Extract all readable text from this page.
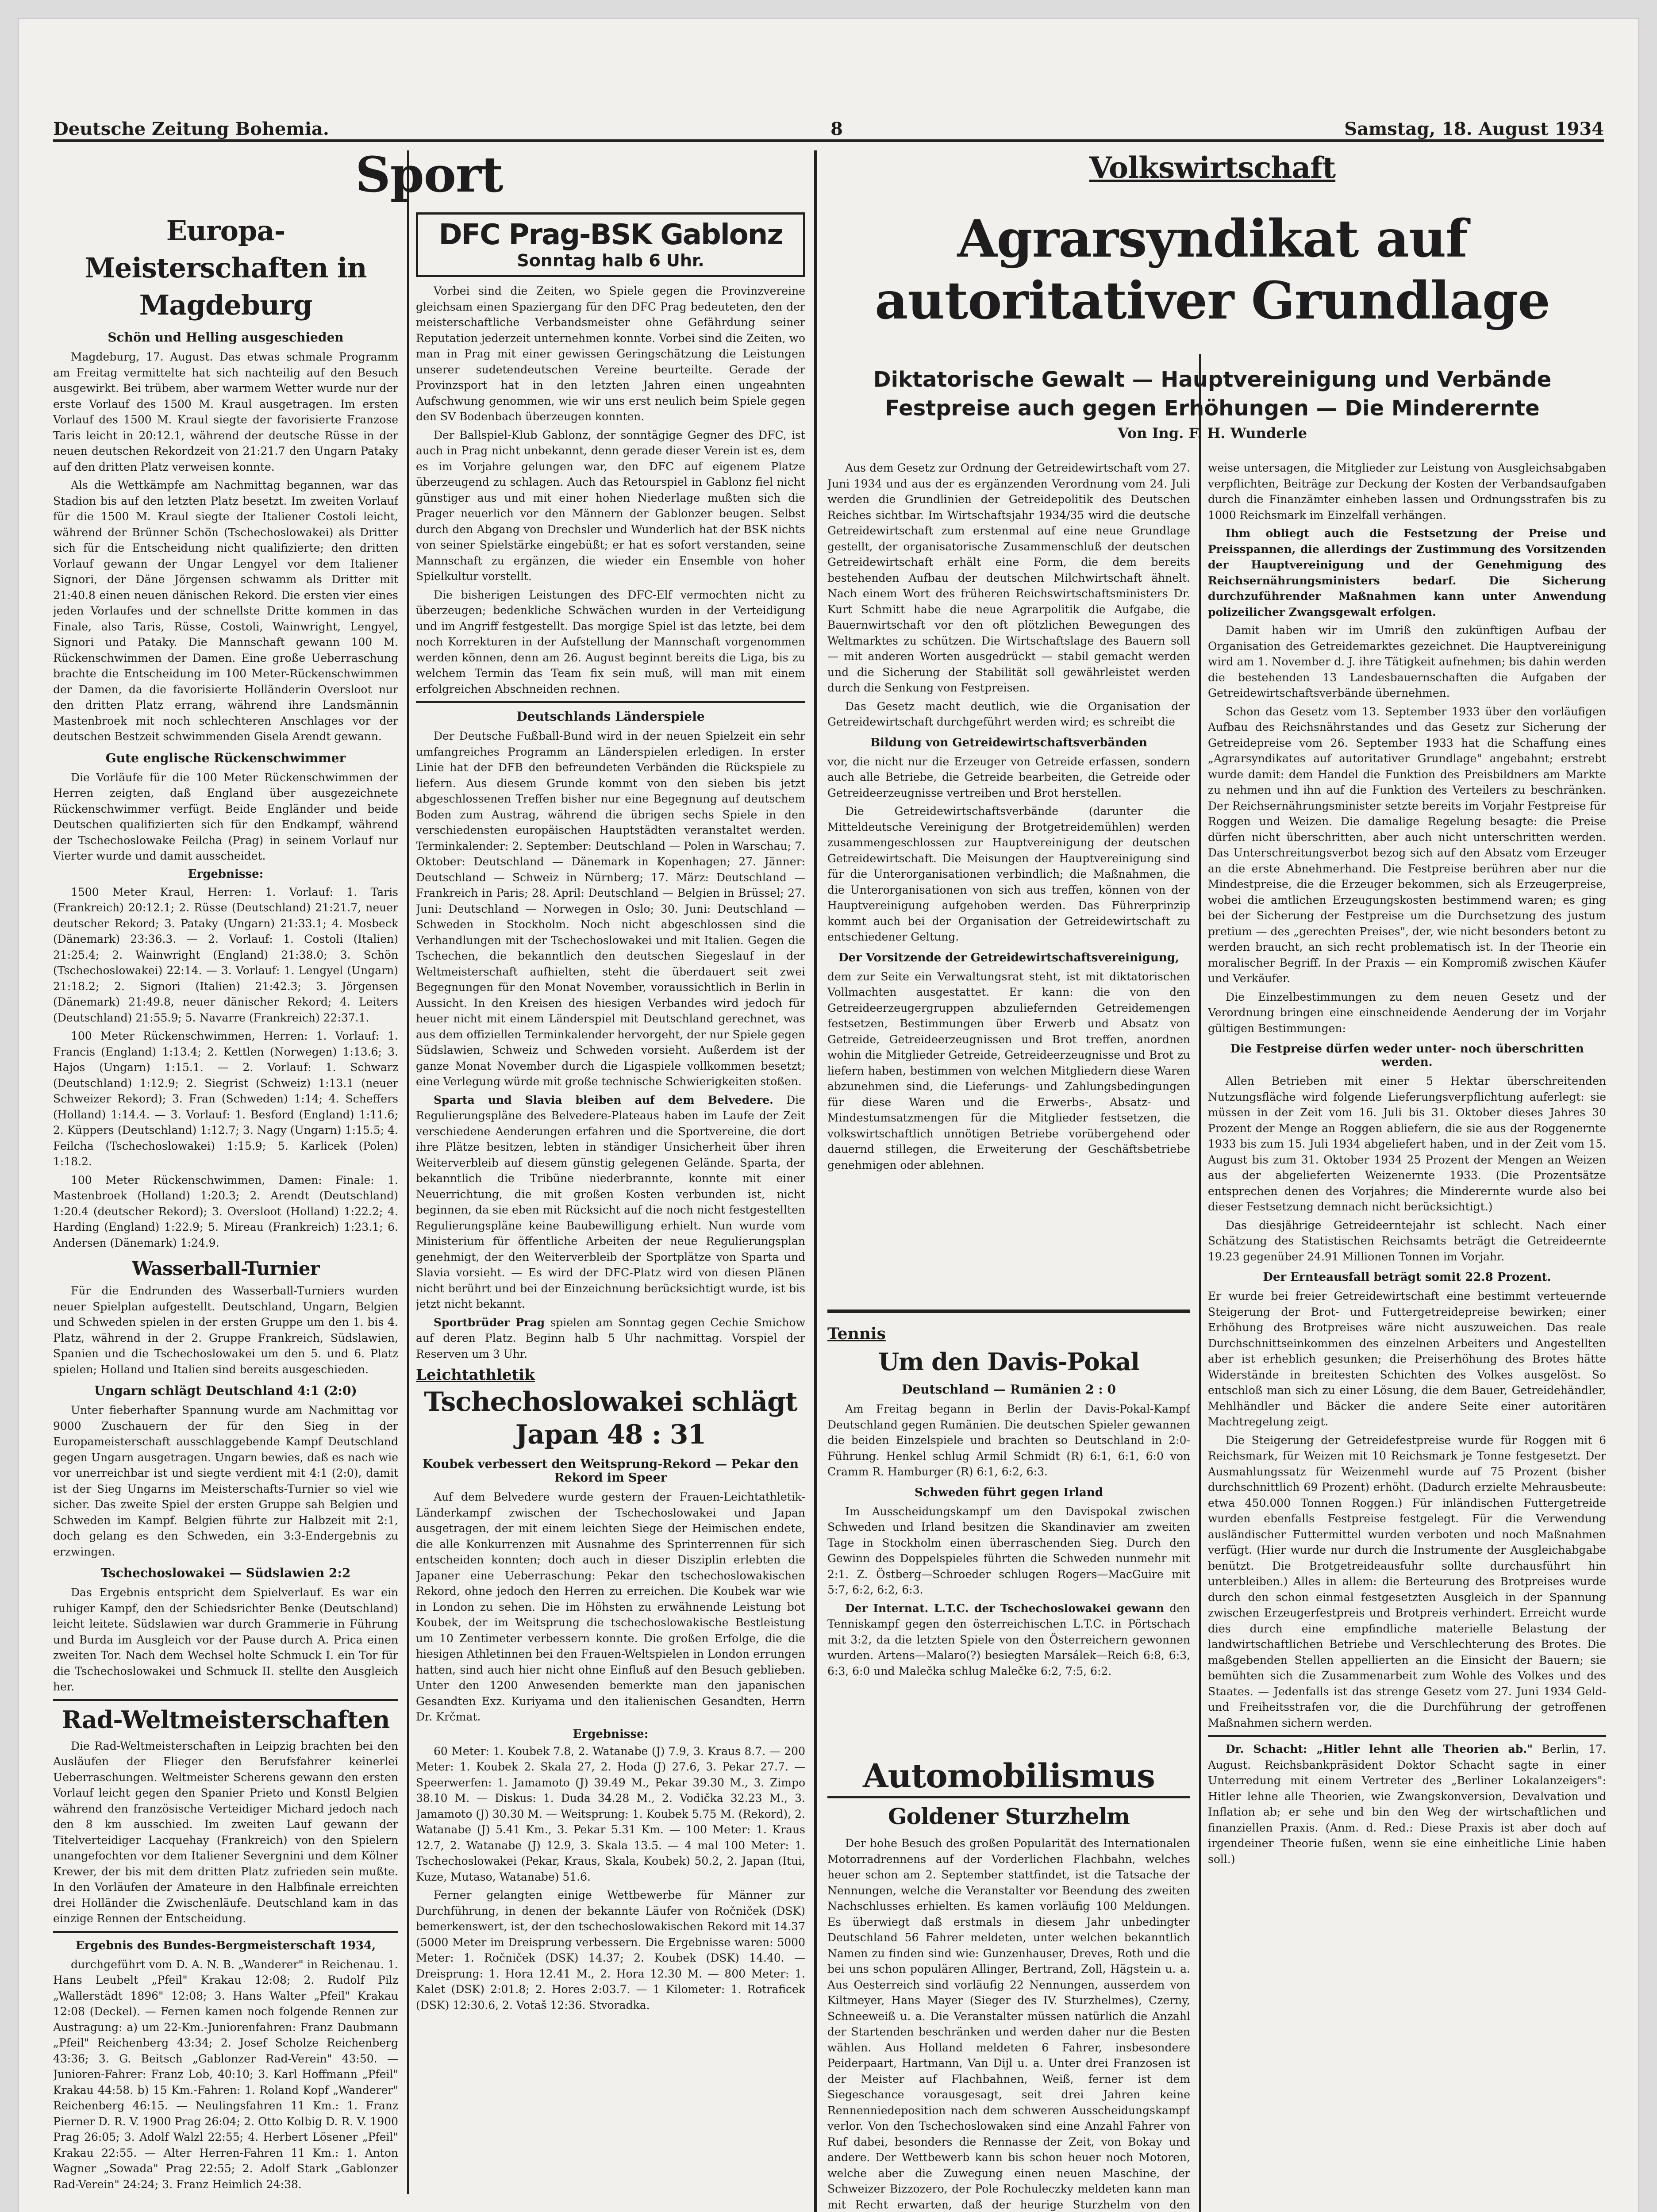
Deutsche Zeitung Bohemia.	8	Samstag, 18. August 1934
Sport
Europa-Meisterschaften in Magdeburg
Schön und Helling ausgeschieden

Magdeburg, 17. August. Das etwas schmale Programm am Freitag vermittelte hat sich nachteilig auf den Besuch ausgewirkt. Bei trübem, aber warmem Wetter wurde nur der erste Vorlauf des 1500 M. Kraul ausgetragen. Im ersten Vorlauf des 1500 M. Kraul siegte der favorisierte Franzose Taris leicht in 20:12.1, während der deutsche Rüsse in der neuen deutschen Rekordzeit von 21:21.7 den Ungarn Pataky auf den dritten Platz verweisen konnte.

Als die Wettkämpfe am Nachmittag begannen, war das Stadion bis auf den letzten Platz besetzt. Im zweiten Vorlauf für die 1500 M. Kraul siegte der Italiener Costoli leicht, während der Brünner Schön (Tschechoslowakei) als Dritter sich für die Entscheidung nicht qualifizierte; den dritten Vorlauf gewann der Ungar Lengyel vor dem Italiener Signori, der Däne Jörgensen schwamm als Dritter mit 21:40.8 einen neuen dänischen Rekord. Die ersten vier eines jeden Vorlaufes und der schnellste Dritte kommen in das Finale, also Taris, Rüsse, Costoli, Wainwright, Lengyel, Signori und Pataky. Die Mannschaft gewann 100 M. Rückenschwimmen der Damen. Eine große Ueberraschung brachte die Entscheidung im 100 Meter-Rückenschwimmen der Damen, da die favorisierte Holländerin Oversloot nur den dritten Platz errang, während ihre Landsmännin Mastenbroek mit noch schlechteren Anschlages vor der deutschen Bestzeit schwimmenden Gisela Arendt gewann.

Gute englische Rückenschwimmer

Die Vorläufe für die 100 Meter Rückenschwimmen der Herren zeigten, daß England über ausgezeichnete Rückenschwimmer verfügt. Beide Engländer und beide Deutschen qualifizierten sich für den Endkampf, während der Tschechoslowake Feilcha (Prag) in seinem Vorlauf nur Vierter wurde und damit ausscheidet.

Ergebnisse:

1500 Meter Kraul, Herren: 1. Vorlauf: 1. Taris (Frankreich) 20:12.1; 2. Rüsse (Deutschland) 21:21.7, neuer deutscher Rekord; 3. Pataky (Ungarn) 21:33.1; 4. Mosbeck (Dänemark) 23:36.3. — 2. Vorlauf: 1. Costoli (Italien) 21:25.4; 2. Wainwright (England) 21:38.0; 3. Schön (Tschechoslowakei) 22:14. — 3. Vorlauf: 1. Lengyel (Ungarn) 21:18.2; 2. Signori (Italien) 21:42.3; 3. Jörgensen (Dänemark) 21:49.8, neuer dänischer Rekord; 4. Leiters (Deutschland) 21:55.9; 5. Navarre (Frankreich) 22:37.1.

100 Meter Rückenschwimmen, Herren: 1. Vorlauf: 1. Francis (England) 1:13.4; 2. Kettlen (Norwegen) 1:13.6; 3. Hajos (Ungarn) 1:15.1. — 2. Vorlauf: 1. Schwarz (Deutschland) 1:12.9; 2. Siegrist (Schweiz) 1:13.1 (neuer Schweizer Rekord); 3. Fran (Schweden) 1:14; 4. Scheffers (Holland) 1:14.4. — 3. Vorlauf: 1. Besford (England) 1:11.6; 2. Küppers (Deutschland) 1:12.7; 3. Nagy (Ungarn) 1:15.5; 4. Feilcha (Tschechoslowakei) 1:15.9; 5. Karlicek (Polen) 1:18.2.

100 Meter Rückenschwimmen, Damen: Finale: 1. Mastenbroek (Holland) 1:20.3; 2. Arendt (Deutschland) 1:20.4 (deutscher Rekord); 3. Oversloot (Holland) 1:22.2; 4. Harding (England) 1:22.9; 5. Mireau (Frankreich) 1:23.1; 6. Andersen (Dänemark) 1:24.9.

Wasserball-Turnier

Für die Endrunden des Wasserball-Turniers wurden neuer Spielplan aufgestellt. Deutschland, Ungarn, Belgien und Schweden spielen in der ersten Gruppe um den 1. bis 4. Platz, während in der 2. Gruppe Frankreich, Südslawien, Spanien und die Tschechoslowakei um den 5. und 6. Platz spielen; Holland und Italien sind bereits ausgeschieden.

Ungarn schlägt Deutschland 4:1 (2:0)

Unter fieberhafter Spannung wurde am Nachmittag vor 9000 Zuschauern der für den Sieg in der Europameisterschaft ausschlaggebende Kampf Deutschland gegen Ungarn ausgetragen. Ungarn bewies, daß es nach wie vor unerreichbar ist und siegte verdient mit 4:1 (2:0), damit ist der Sieg Ungarns im Meisterschafts-Turnier so viel wie sicher. Das zweite Spiel der ersten Gruppe sah Belgien und Schweden im Kampf. Belgien führte zur Halbzeit mit 2:1, doch gelang es den Schweden, ein 3:3-Endergebnis zu erzwingen.

Tschechoslowakei — Südslawien 2:2

Das Ergebnis entspricht dem Spielverlauf. Es war ein ruhiger Kampf, den der Schiedsrichter Benke (Deutschland) leicht leitete. Südslawien war durch Grammerie in Führung und Burda im Ausgleich vor der Pause durch A. Prica einen zweiten Tor. Nach dem Wechsel holte Schmuck I. ein Tor für die Tschechoslowakei und Schmuck II. stellte den Ausgleich her.

Rad-Weltmeisterschaften

Die Rad-Weltmeisterschaften in Leipzig brachten bei den Ausläufen der Flieger den Berufsfahrer keinerlei Ueberraschungen. Weltmeister Scherens gewann den ersten Vorlauf leicht gegen den Spanier Prieto und Konstl Belgien während den französische Verteidiger Michard jedoch nach den 8 km ausschied. Im zweiten Lauf gewann der Titelverteidiger Lacquehay (Frankreich) von den Spielern unangefochten vor dem Italiener Severgnini und dem Kölner Krewer, der bis mit dem dritten Platz zufrieden sein mußte. In den Vorläufen der Amateure in den Halbfinale erreichten drei Holländer die Zwischenläufe. Deutschland kam in das einzige Rennen der Entscheidung.

Ergebnis des Bundes-Bergmeisterschaft 1934,

durchgeführt vom D. A. N. B. „Wanderer" in Reichenau. 1. Hans Leubelt „Pfeil" Krakau 12:08; 2. Rudolf Pilz „Wallerstädt 1896" 12:08; 3. Hans Walter „Pfeil" Krakau 12:08 (Deckel). — Fernen kamen noch folgende Rennen zur Austragung: a) um 22-Km.-Juniorenfahren: Franz Daubmann „Pfeil" Reichenberg 43:34; 2. Josef Scholze Reichenberg 43:36; 3. G. Beitsch „Gablonzer Rad-Verein" 43:50. — Junioren-Fahrer: Franz Lob, 40:10; 3. Karl Hoffmann „Pfeil" Krakau 44:58. b) 15 Km.-Fahren: 1. Roland Kopf „Wanderer" Reichenberg 46:15. — Neulingsfahren 11 Km.: 1. Franz Pierner D. R. V. 1900 Prag 26:04; 2. Otto Kolbig D. R. V. 1900 Prag 26:05; 3. Adolf Walzl 22:55; 4. Herbert Lösener „Pfeil" Krakau 22:55. — Alter Herren-Fahren 11 Km.: 1. Anton Wagner „Sowada" Prag 22:55; 2. Adolf Stark „Gablonzer Rad-Verein" 24:24; 3. Franz Heimlich 24:38.

DFC Prag-BSK Gablonz
Sonntag halb 6 Uhr.

Vorbei sind die Zeiten, wo Spiele gegen die Provinzvereine gleichsam einen Spaziergang für den DFC Prag bedeuteten, den der meisterschaftliche Verbandsmeister ohne Gefährdung seiner Reputation jederzeit unternehmen konnte. Vorbei sind die Zeiten, wo man in Prag mit einer gewissen Geringschätzung die Leistungen unserer sudetendeutschen Vereine beurteilte. Gerade der Provinzsport hat in den letzten Jahren einen ungeahnten Aufschwung genommen, wie wir uns erst neulich beim Spiele gegen den SV Bodenbach überzeugen konnten.

Der Ballspiel-Klub Gablonz, der sonntägige Gegner des DFC, ist auch in Prag nicht unbekannt, denn gerade dieser Verein ist es, dem es im Vorjahre gelungen war, den DFC auf eigenem Platze überzeugend zu schlagen. Auch das Retourspiel in Gablonz fiel nicht günstiger aus und mit einer hohen Niederlage mußten sich die Prager neuerlich vor den Männern der Gablonzer beugen. Selbst durch den Abgang von Drechsler und Wunderlich hat der BSK nichts von seiner Spielstärke eingebüßt; er hat es sofort verstanden, seine Mannschaft zu ergänzen, die wieder ein Ensemble von hoher Spielkultur vorstellt.

Die bisherigen Leistungen des DFC-Elf vermochten nicht zu überzeugen; bedenkliche Schwächen wurden in der Verteidigung und im Angriff festgestellt. Das morgige Spiel ist das letzte, bei dem noch Korrekturen in der Aufstellung der Mannschaft vorgenommen werden können, denn am 26. August beginnt bereits die Liga, bis zu welchem Termin das Team fix sein muß, will man mit einem erfolgreichen Abschneiden rechnen.

Deutschlands Länderspiele

Der Deutsche Fußball-Bund wird in der neuen Spielzeit ein sehr umfangreiches Programm an Länderspielen erledigen. In erster Linie hat der DFB den befreundeten Verbänden die Rückspiele zu liefern. Aus diesem Grunde kommt von den sieben bis jetzt abgeschlossenen Treffen bisher nur eine Begegnung auf deutschem Boden zum Austrag, während die übrigen sechs Spiele in den verschiedensten europäischen Hauptstädten veranstaltet werden. Terminkalender: 2. September: Deutschland — Polen in Warschau; 7. Oktober: Deutschland — Dänemark in Kopenhagen; 27. Jänner: Deutschland — Schweiz in Nürnberg; 17. März: Deutschland — Frankreich in Paris; 28. April: Deutschland — Belgien in Brüssel; 27. Juni: Deutschland — Norwegen in Oslo; 30. Juni: Deutschland — Schweden in Stockholm. Noch nicht abgeschlossen sind die Verhandlungen mit der Tschechoslowakei und mit Italien. Gegen die Tschechen, die bekanntlich den deutschen Siegeslauf in der Weltmeisterschaft aufhielten, steht die überdauert seit zwei Begegnungen für den Monat November, voraussichtlich in Berlin in Aussicht. In den Kreisen des hiesigen Verbandes wird jedoch für heuer nicht mit einem Länderspiel mit Deutschland gerechnet, was aus dem offiziellen Terminkalender hervorgeht, der nur Spiele gegen Südslawien, Schweiz und Schweden vorsieht. Außerdem ist der ganze Monat November durch die Ligaspiele vollkommen besetzt; eine Verlegung würde mit große technische Schwierigkeiten stoßen.

Sparta und Slavia bleiben auf dem Belvedere. Die Regulierungspläne des Belvedere-Plateaus haben im Laufe der Zeit verschiedene Aenderungen erfahren und die Sportvereine, die dort ihre Plätze besitzen, lebten in ständiger Unsicherheit über ihren Weiterverbleib auf diesem günstig gelegenen Gelände. Sparta, der bekanntlich die Tribüne niederbrannte, konnte mit einer Neuerrichtung, die mit großen Kosten verbunden ist, nicht beginnen, da sie eben mit Rücksicht auf die noch nicht festgestellten Regulierungspläne keine Baubewilligung erhielt. Nun wurde vom Ministerium für öffentliche Arbeiten der neue Regulierungsplan genehmigt, der den Weiterverbleib der Sportplätze von Sparta und Slavia vorsieht. — Es wird der DFC-Platz wird von diesen Plänen nicht berührt und bei der Einzeichnung berücksichtigt wurde, ist bis jetzt nicht bekannt.

Sportbrüder Prag spielen am Sonntag gegen Cechie Smichow auf deren Platz. Beginn halb 5 Uhr nachmittag. Vorspiel der Reserven um 3 Uhr.

Leichtathletik
Tschechoslowakei schlägt Japan 48 : 31
Koubek verbessert den Weitsprung-Rekord — Pekar den Rekord im Speer

Auf dem Belvedere wurde gestern der Frauen-Leichtathletik-Länderkampf zwischen der Tschechoslowakei und Japan ausgetragen, der mit einem leichten Siege der Heimischen endete, die alle Konkurrenzen mit Ausnahme des Sprinterrennen für sich entscheiden konnten; doch auch in dieser Disziplin erlebten die Japaner eine Ueberraschung: Pekar den tschechoslowakischen Rekord, ohne jedoch den Herren zu erreichen. Die Koubek war wie in London zu sehen. Die im Höhsten zu erwähnende Leistung bot Koubek, der im Weitsprung die tschechoslowakische Bestleistung um 10 Zentimeter verbessern konnte. Die großen Erfolge, die die hiesigen Athletinnen bei den Frauen-Weltspielen in London errungen hatten, sind auch hier nicht ohne Einfluß auf den Besuch geblieben. Unter den 1200 Anwesenden bemerkte man den japanischen Gesandten Exz. Kuriyama und den italienischen Gesandten, Herrn Dr. Krčmat.

Ergebnisse:

60 Meter: 1. Koubek 7.8, 2. Watanabe (J) 7.9, 3. Kraus 8.7. — 200 Meter: 1. Koubek 2. Skala 27, 2. Hoda (J) 27.6, 3. Pekar 27.7. — Speerwerfen: 1. Jamamoto (J) 39.49 M., Pekar 39.30 M., 3. Zimpo 38.10 M. — Diskus: 1. Duda 34.28 M., 2. Vodička 32.23 M., 3. Jamamoto (J) 30.30 M. — Weitsprung: 1. Koubek 5.75 M. (Rekord), 2. Watanabe (J) 5.41 Km., 3. Pekar 5.31 Km. — 100 Meter: 1. Kraus 12.7, 2. Watanabe (J) 12.9, 3. Skala 13.5. — 4 mal 100 Meter: 1. Tschechoslowakei (Pekar, Kraus, Skala, Koubek) 50.2, 2. Japan (Itui, Kuze, Mutaso, Watanabe) 51.6.

Ferner gelangten einige Wettbewerbe für Männer zur Durchführung, in denen der bekannte Läufer von Ročniček (DSK) bemerkenswert, ist, der den tschechoslowakischen Rekord mit 14.37 (5000 Meter im Dreisprung verbessern. Die Ergebnisse waren: 5000 Meter: 1. Ročniček (DSK) 14.37; 2. Koubek (DSK) 14.40. — Dreisprung: 1. Hora 12.41 M., 2. Hora 12.30 M. — 800 Meter: 1. Kalet (DSK) 2:01.8; 2. Hores 2:03.7. — 1 Kilometer: 1. Rotraficek (DSK) 12:30.6, 2. Votaš 12:36. Stvoradka.

Volkswirtschaft
Agrarsyndikat auf autoritativer Grundlage
Diktatorische Gewalt — Hauptvereinigung und Verbände
Festpreise auch gegen Erhöhungen — Die Minderernte
Von Ing. F. H. Wunderle

Aus dem Gesetz zur Ordnung der Getreidewirtschaft vom 27. Juni 1934 und aus der es ergänzenden Verordnung vom 24. Juli werden die Grundlinien der Getreidepolitik des Deutschen Reiches sichtbar. Im Wirtschaftsjahr 1934/35 wird die deutsche Getreidewirtschaft zum erstenmal auf eine neue Grundlage gestellt, der organisatorische Zusammenschluß der deutschen Getreidewirtschaft erhält eine Form, die dem bereits bestehenden Aufbau der deutschen Milchwirtschaft ähnelt. Nach einem Wort des früheren Reichswirtschaftsministers Dr. Kurt Schmitt habe die neue Agrarpolitik die Aufgabe, die Bauernwirtschaft vor den oft plötzlichen Bewegungen des Weltmarktes zu schützen. Die Wirtschaftslage des Bauern soll — mit anderen Worten ausgedrückt — stabil gemacht werden und die Sicherung der Stabilität soll gewährleistet werden durch die Senkung von Festpreisen.

Das Gesetz macht deutlich, wie die Organisation der Getreidewirtschaft durchgeführt werden wird; es schreibt die

Bildung von Getreidewirtschaftsverbänden

vor, die nicht nur die Erzeuger von Getreide erfassen, sondern auch alle Betriebe, die Getreide bearbeiten, die Getreide oder Getreideerzeugnisse vertreiben und Brot herstellen.

Die Getreidewirtschaftsverbände (darunter die Mitteldeutsche Vereinigung der Brotgetreidemühlen) werden zusammengeschlossen zur Hauptvereinigung der deutschen Getreidewirtschaft. Die Meisungen der Hauptvereinigung sind für die Unterorganisationen verbindlich; die Maßnahmen, die die Unterorganisationen von sich aus treffen, können von der Hauptvereinigung aufgehoben werden. Das Führerprinzip kommt auch bei der Organisation der Getreidewirtschaft zu entschiedener Geltung.

Der Vorsitzende der Getreidewirtschaftsvereinigung,

dem zur Seite ein Verwaltungsrat steht, ist mit diktatorischen Vollmachten ausgestattet. Er kann: die von den Getreideerzeugergruppen abzuliefernden Getreidemengen festsetzen, Bestimmungen über Erwerb und Absatz von Getreide, Getreideerzeugnissen und Brot treffen, anordnen wohin die Mitglieder Getreide, Getreideerzeugnisse und Brot zu liefern haben, bestimmen von welchen Mitgliedern diese Waren abzunehmen sind, die Lieferungs- und Zahlungsbedingungen für diese Waren und die Erwerbs-, Absatz- und Mindestumsatzmengen für die Mitglieder festsetzen, die volkswirtschaftlich unnötigen Betriebe vorübergehend oder dauernd stillegen, die Erweiterung der Geschäftsbetriebe genehmigen oder ablehnen.

weise untersagen, die Mitglieder zur Leistung von Ausgleichsabgaben verpflichten, Beiträge zur Deckung der Kosten der Verbandsaufgaben durch die Finanzämter einheben lassen und Ordnungsstrafen bis zu 1000 Reichsmark im Einzelfall verhängen.

Ihm obliegt auch die Festsetzung der Preise und Preisspannen, die allerdings der Zustimmung des Vorsitzenden der Hauptvereinigung und der Genehmigung des Reichsernährungsministers bedarf. Die Sicherung durchzuführender Maßnahmen kann unter Anwendung polizeilicher Zwangsgewalt erfolgen.

Damit haben wir im Umriß den zukünftigen Aufbau der Organisation des Getreidemarktes gezeichnet. Die Hauptvereinigung wird am 1. November d. J. ihre Tätigkeit aufnehmen; bis dahin werden die bestehenden 13 Landesbauernschaften die Aufgaben der Getreidewirtschaftsverbände übernehmen.

Schon das Gesetz vom 13. September 1933 über den vorläufigen Aufbau des Reichsnährstandes und das Gesetz zur Sicherung der Getreidepreise vom 26. September 1933 hat die Schaffung eines „Agrarsyndikates auf autoritativer Grundlage" angebahnt; erstrebt wurde damit: dem Handel die Funktion des Preisbildners am Markte zu nehmen und ihn auf die Funktion des Verteilers zu beschränken. Der Reichsernährungsminister setzte bereits im Vorjahr Festpreise für Roggen und Weizen. Die damalige Regelung besagte: die Preise dürfen nicht überschritten, aber auch nicht unterschritten werden. Das Unterschreitungsverbot bezog sich auf den Absatz vom Erzeuger an die erste Abnehmerhand. Die Festpreise berühren aber nur die Mindestpreise, die die Erzeuger bekommen, sich als Erzeugerpreise, wobei die amtlichen Erzeugungskosten bestimmend waren; es ging bei der Sicherung der Festpreise um die Durchsetzung des justum pretium — des „gerechten Preises", der, wie nicht besonders betont zu werden braucht, an sich recht problematisch ist. In der Theorie ein moralischer Begriff. In der Praxis — ein Kompromiß zwischen Käufer und Verkäufer.

Die Einzelbestimmungen zu dem neuen Gesetz und der Verordnung bringen eine einschneidende Aenderung der im Vorjahr gültigen Bestimmungen:

Die Festpreise dürfen weder unter- noch überschritten werden.

Allen Betrieben mit einer 5 Hektar überschreitenden Nutzungsfläche wird folgende Lieferungsverpflichtung auferlegt: sie müssen in der Zeit vom 16. Juli bis 31. Oktober dieses Jahres 30 Prozent der Menge an Roggen abliefern, die sie aus der Roggenernte 1933 bis zum 15. Juli 1934 abgeliefert haben, und in der Zeit vom 15. August bis zum 31. Oktober 1934 25 Prozent der Mengen an Weizen aus der abgelieferten Weizenernte 1933. (Die Prozentsätze entsprechen denen des Vorjahres; die Minderernte wurde also bei dieser Festsetzung demnach nicht berücksichtigt.)

Das diesjährige Getreideerntejahr ist schlecht. Nach einer Schätzung des Statistischen Reichsamts beträgt die Getreideernte 19.23 gegenüber 24.91 Millionen Tonnen im Vorjahr.

Der Ernteausfall beträgt somit 22.8 Prozent.

Er wurde bei freier Getreidewirtschaft eine bestimmt verteuernde Steigerung der Brot- und Futtergetreidepreise bewirken; einer Erhöhung des Brotpreises wäre nicht auszuweichen. Das reale Durchschnittseinkommen des einzelnen Arbeiters und Angestellten aber ist erheblich gesunken; die Preiserhöhung des Brotes hätte Widerstände in breitesten Schichten des Volkes ausgelöst. So entschloß man sich zu einer Lösung, die dem Bauer, Getreidehändler, Mehlhändler und Bäcker die andere Seite einer autoritären Machtregelung zeigt.

Die Steigerung der Getreidefestpreise wurde für Roggen mit 6 Reichsmark, für Weizen mit 10 Reichsmark je Tonne festgesetzt. Der Ausmahlungssatz für Weizenmehl wurde auf 75 Prozent (bisher durchschnittlich 69 Prozent) erhöht. (Dadurch erzielte Mehrausbeute: etwa 450.000 Tonnen Roggen.) Für inländischen Futtergetreide wurden ebenfalls Festpreise festgelegt. Für die Verwendung ausländischer Futtermittel wurden verboten und noch Maßnahmen verfügt. (Hier wurde nur durch die Instrumente der Ausgleichabgabe benützt. Die Brotgetreideausfuhr sollte durchausführt hin unterbleiben.) Alles in allem: die Berteurung des Brotpreises wurde durch den schon einmal festgesetzten Ausgleich in der Spannung zwischen Erzeugerfestpreis und Brotpreis verhindert. Erreicht wurde dies durch eine empfindliche materielle Belastung der landwirtschaftlichen Betriebe und Verschlechterung des Brotes. Die maßgebenden Stellen appellierten an die Einsicht der Bauern; sie bemühten sich die Zusammenarbeit zum Wohle des Volkes und des Staates. — Jedenfalls ist das strenge Gesetz vom 27. Juni 1934 Geld- und Freiheitsstrafen vor, die die Durchführung der getroffenen Maßnahmen sichern werden.

Dr. Schacht: „Hitler lehnt alle Theorien ab." Berlin, 17. August. Reichsbankpräsident Doktor Schacht sagte in einer Unterredung mit einem Vertreter des „Berliner Lokalanzeigers": Hitler lehne alle Theorien, wie Zwangskonversion, Devalvation und Inflation ab; er sehe und bin den Weg der wirtschaftlichen und finanziellen Praxis. (Anm. d. Red.: Diese Praxis ist aber doch auf irgendeiner Theorie fußen, wenn sie eine einheitliche Linie haben soll.)

Tennis
Um den Davis-Pokal
Deutschland — Rumänien 2 : 0

Am Freitag begann in Berlin der Davis-Pokal-Kampf Deutschland gegen Rumänien. Die deutschen Spieler gewannen die beiden Einzelspiele und brachten so Deutschland in 2:0-Führung. Henkel schlug Armil Schmidt (R) 6:1, 6:1, 6:0 von Cramm R. Hamburger (R) 6:1, 6:2, 6:3.

Schweden führt gegen Irland

Im Ausscheidungskampf um den Davispokal zwischen Schweden und Irland besitzen die Skandinavier am zweiten Tage in Stockholm einen überraschenden Sieg. Durch den Gewinn des Doppelspieles führten die Schweden nunmehr mit 2:1. Z. Östberg—Schroeder schlugen Rogers—MacGuire mit 5:7, 6:2, 6:2, 6:3.

Der Internat. L.T.C. der Tschechoslowakei gewann den Tenniskampf gegen den österreichischen L.T.C. in Pörtschach mit 3:2, da die letzten Spiele von den Österreichern gewonnen wurden. Artens—Malaro(?) besiegten Marsálek—Reich 6:8, 6:3, 6:3, 6:0 und Malečka schlug Malečke 6:2, 7:5, 6:2.

Automobilismus
Goldener Sturzhelm

Der hohe Besuch des großen Popularität des Internationalen Motorradrennens auf der Vorderlichen Flachbahn, welches heuer schon am 2. September stattfindet, ist die Tatsache der Nennungen, welche die Veranstalter vor Beendung des zweiten Nachschlusses erhielten. Es kamen vorläufig 100 Meldungen. Es überwiegt daß erstmals in diesem Jahr unbedingter Deutschland 56 Fahrer meldeten, unter welchen bekanntlich Namen zu finden sind wie: Gunzenhauser, Dreves, Roth und die bei uns schon populären Allinger, Bertrand, Zoll, Hägstein u. a. Aus Oesterreich sind vorläufig 22 Nennungen, ausserdem von Kiltmeyer, Hans Mayer (Sieger des IV. Sturzhelmes), Czerny, Schneeweiß u. a. Die Veranstalter müssen natürlich die Anzahl der Startenden beschränken und werden daher nur die Besten wählen. Aus Holland meldeten 6 Fahrer, insbesondere Peiderpaart, Hartmann, Van Dijl u. a. Unter drei Franzosen ist der Meister auf Flachbahnen, Weiß, ferner ist dem Siegeschance vorausgesagt, seit drei Jahren keine Rennenniedeposition nach dem schweren Ausscheidungskampf verlor. Von den Tschechoslowaken sind eine Anzahl Fahrer von Ruf dabei, besonders die Rennasse der Zeit, von Bokay und andere. Der Wettbewerb kann bis schon heuer noch Motoren, welche aber die Zuwegung einen neuen Maschine, der Schweizer Bizzozero, der Pole Rochuleczky meldeten kann man mit Recht erwarten, daß der heurige Sturzhelm von den
